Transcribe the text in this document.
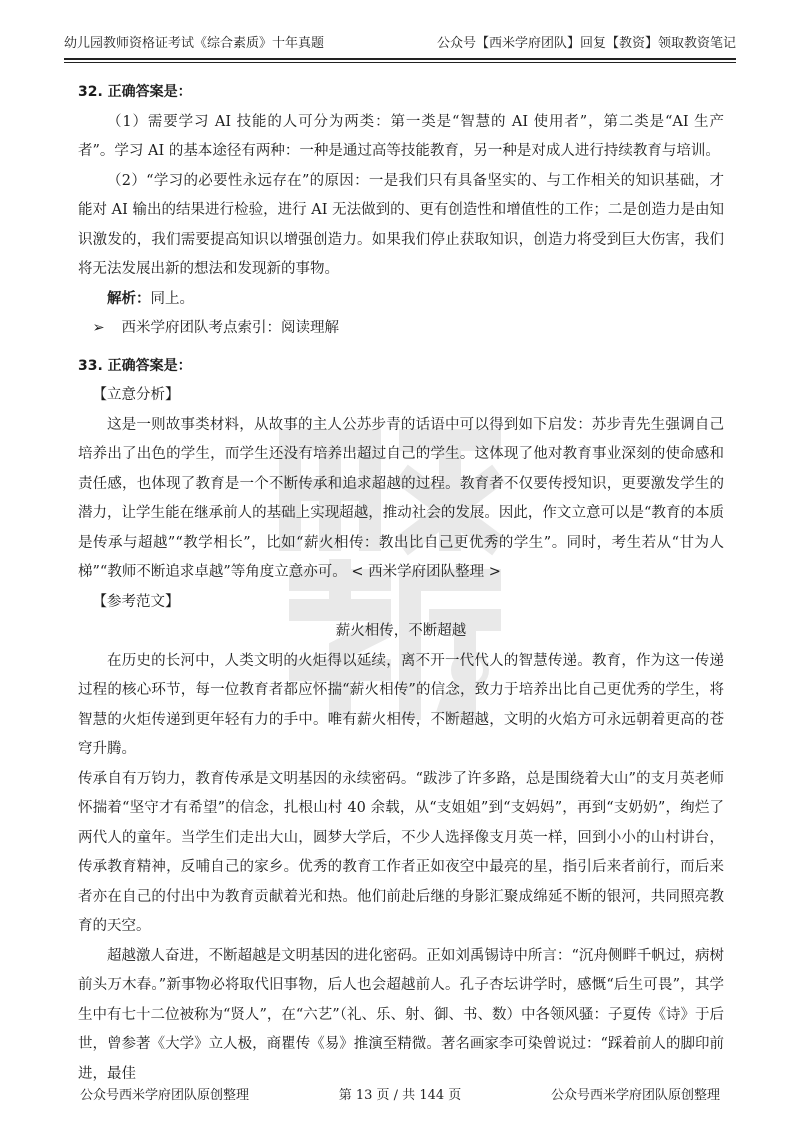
幼儿园教师资格证考试《综合素质》十年真题	公众号【西米学府团队】回复【教资】领取教资笔记

32. 正确答案是：

（1）需要学习 AI 技能的人可分为两类：第一类是“智慧的 AI 使用者”，第二类是“AI 生产者”。学习 AI 的基本途径有两种：一种是通过高等技能教育，另一种是对成人进行持续教育与培训。

（2）“学习的必要性永远存在”的原因：一是我们只有具备坚实的、与工作相关的知识基础，才能对 AI 输出的结果进行检验，进行 AI 无法做到的、更有创造性和增值性的工作；二是创造力是由知识激发的，我们需要提高知识以增强创造力。如果我们停止获取知识，创造力将受到巨大伤害，我们将无法发展出新的想法和发现新的事物。

解析：同上。

➢ 西米学府团队考点索引：阅读理解

33. 正确答案是：

【立意分析】

这是一则故事类材料，从故事的主人公苏步青的话语中可以得到如下启发：苏步青先生强调自己培养出了出色的学生，而学生还没有培养出超过自己的学生。这体现了他对教育事业深刻的使命感和责任感，也体现了教育是一个不断传承和追求超越的过程。教育者不仅要传授知识，更要激发学生的潜力，让学生能在继承前人的基础上实现超越，推动社会的发展。因此，作文立意可以是“教育的本质是传承与超越”“教学相长”，比如“薪火相传：教出比自己更优秀的学生”。同时，考生若从“甘为人梯”“教师不断追求卓越”等角度立意亦可。 < 西米学府团队整理 >

【参考范文】

薪火相传，不断超越

在历史的长河中，人类文明的火炬得以延续，离不开一代代人的智慧传递。教育，作为这一传递过程的核心环节，每一位教育者都应怀揣“薪火相传”的信念，致力于培养出比自己更优秀的学生，将智慧的火炬传递到更年轻有力的手中。唯有薪火相传，不断超越，文明的火焰方可永远朝着更高的苍穹升腾。

传承自有万钧力，教育传承是文明基因的永续密码。“跋涉了许多路，总是围绕着大山”的支月英老师怀揣着“坚守才有希望”的信念，扎根山村 40 余载，从“支姐姐”到“支妈妈”，再到“支奶奶”，绚烂了两代人的童年。当学生们走出大山，圆梦大学后，不少人选择像支月英一样，回到小小的山村讲台，传承教育精神，反哺自己的家乡。优秀的教育工作者正如夜空中最亮的星，指引后来者前行，而后来者亦在自己的付出中为教育贡献着光和热。他们前赴后继的身影汇聚成绵延不断的银河，共同照亮教育的天空。

超越激人奋进，不断超越是文明基因的进化密码。正如刘禹锡诗中所言：“沉舟侧畔千帆过，病树前头万木春。”新事物必将取代旧事物，后人也会超越前人。孔子杏坛讲学时，感慨“后生可畏”，其学生中有七十二位被称为“贤人”，在“六艺”（礼、乐、射、御、书、数）中各领风骚：子夏传《诗》于后世，曾参著《大学》立人极，商瞿传《易》推演至精微。著名画家李可染曾说过：“踩着前人的脚印前进，最佳

公众号西米学府团队原创整理	第 13 页 / 共 144 页	公众号西米学府团队原创整理
